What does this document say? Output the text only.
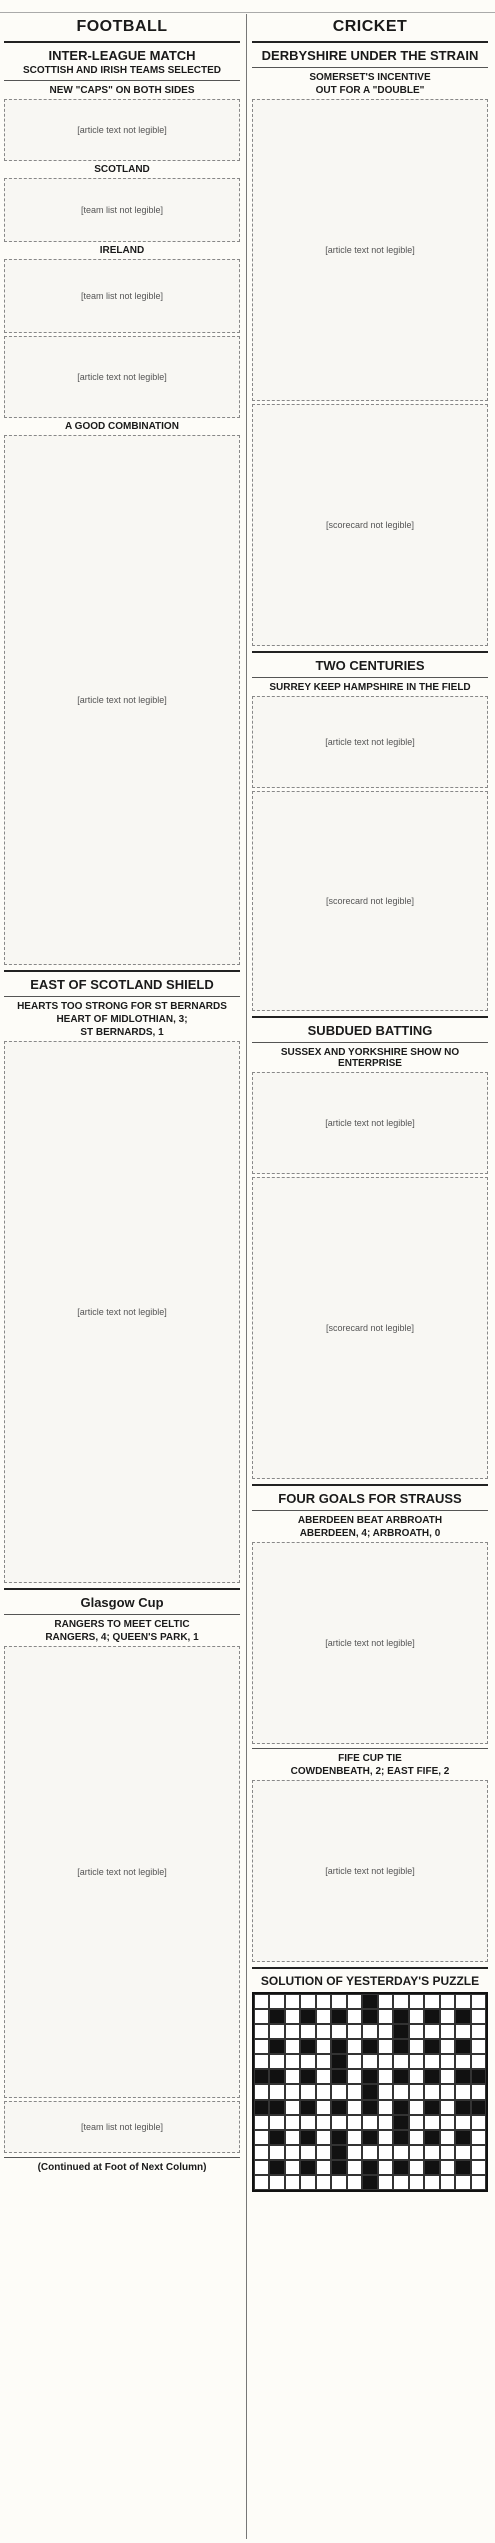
FOOTBALL
INTER-LEAGUE MATCH
SCOTTISH AND IRISH TEAMS SELECTED
NEW "CAPS" ON BOTH SIDES
[article text not legible]
SCOTLAND
[team list not legible]
IRELAND
[team list not legible]
[article text not legible]
A GOOD COMBINATION
[article text not legible]
EAST OF SCOTLAND SHIELD
HEARTS TOO STRONG FOR ST BERNARDS
HEART OF MIDLOTHIAN, 3;
ST BERNARDS, 1
[article text not legible]
Glasgow Cup
RANGERS TO MEET CELTIC
RANGERS, 4; QUEEN'S PARK, 1
[article text not legible]
[team list not legible]
(Continued at Foot of Next Column)
CRICKET
DERBYSHIRE UNDER THE STRAIN
SOMERSET'S INCENTIVE
OUT FOR A "DOUBLE"
[article text not legible]
[scorecard not legible]
TWO CENTURIES
SURREY KEEP HAMPSHIRE IN THE FIELD
[article text not legible]
[scorecard not legible]
SUBDUED BATTING
SUSSEX AND YORKSHIRE SHOW NO ENTERPRISE
[article text not legible]
[scorecard not legible]
FOUR GOALS FOR STRAUSS
ABERDEEN BEAT ARBROATH
ABERDEEN, 4; ARBROATH, 0
[article text not legible]
FIFE CUP TIE
COWDENBEATH, 2; EAST FIFE, 2
[article text not legible]
SOLUTION OF YESTERDAY'S PUZZLE
